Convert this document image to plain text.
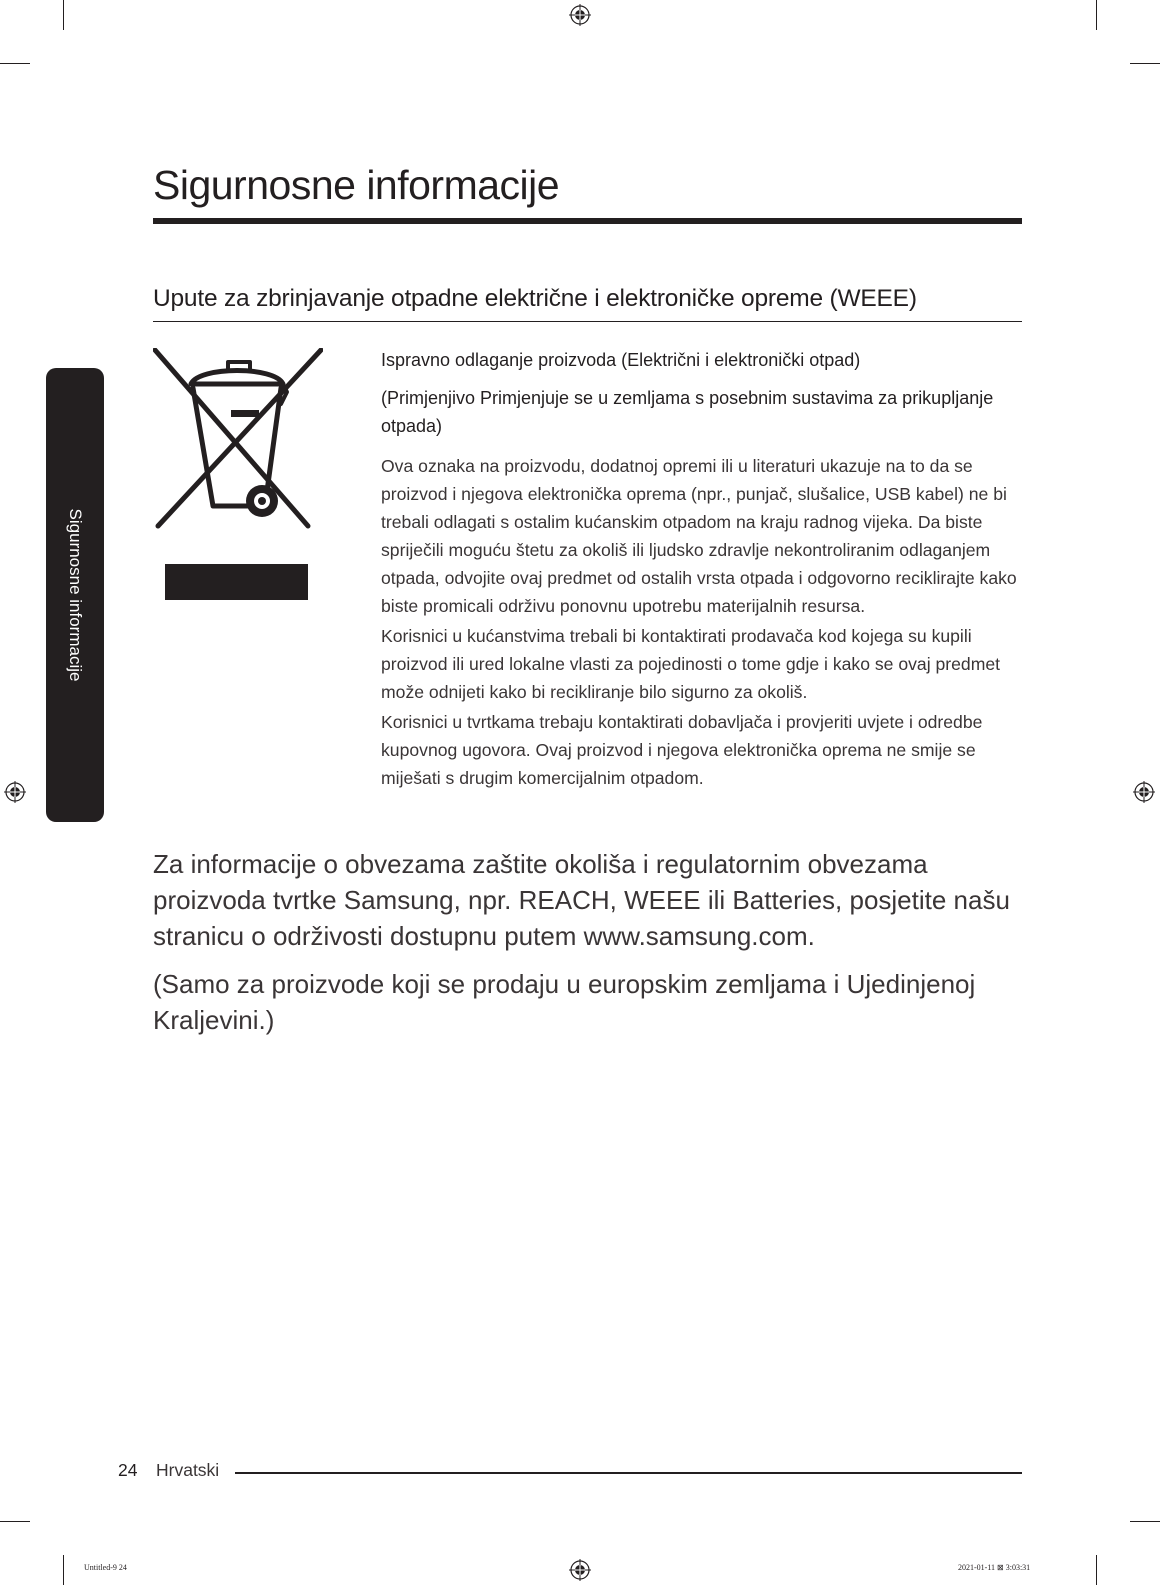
Sigurnosne informacije
Sigurnosne informacije
Upute za zbrinjavanje otpadne električne i elektroničke opreme (WEEE)

Ispravno odlaganje proizvoda (Električni i elektronički otpad)

(Primjenjivo Primjenjuje se u zemljama s posebnim sustavima za prikupljanje otpada)

Ova oznaka na proizvodu, dodatnoj opremi ili u literaturi ukazuje na to da se proizvod i njegova elektronička oprema (npr., punjač, slušalice, USB kabel) ne bi trebali odlagati s ostalim kućanskim otpadom na kraju radnog vijeka. Da biste spriječili moguću štetu za okoliš ili ljudsko zdravlje nekontroliranim odlaganjem otpada, odvojite ovaj predmet od ostalih vrsta otpada i odgovorno reciklirajte kako biste promicali održivu ponovnu upotrebu materijalnih resursa.

Korisnici u kućanstvima trebali bi kontaktirati prodavača kod kojega su kupili proizvod ili ured lokalne vlasti za pojedinosti o tome gdje i kako se ovaj predmet može odnijeti kako bi recikliranje bilo sigurno za okoliš.

Korisnici u tvrtkama trebaju kontaktirati dobavljača i provjeriti uvjete i odredbe kupovnog ugovora. Ovaj proizvod i njegova elektronička oprema ne smije se miješati s drugim komercijalnim otpadom.

Za informacije o obvezama zaštite okoliša i regulatornim obvezama proizvoda tvrtke Samsung, npr. REACH, WEEE ili Batteries, posjetite našu stranicu o održivosti dostupnu putem www.samsung.com.

(Samo za proizvode koji se prodaju u europskim zemljama i Ujedinjenoj Kraljevini.)

24 Hrvatski
Untitled-9 24	2021-01-11 ⊠ 3:03:31
